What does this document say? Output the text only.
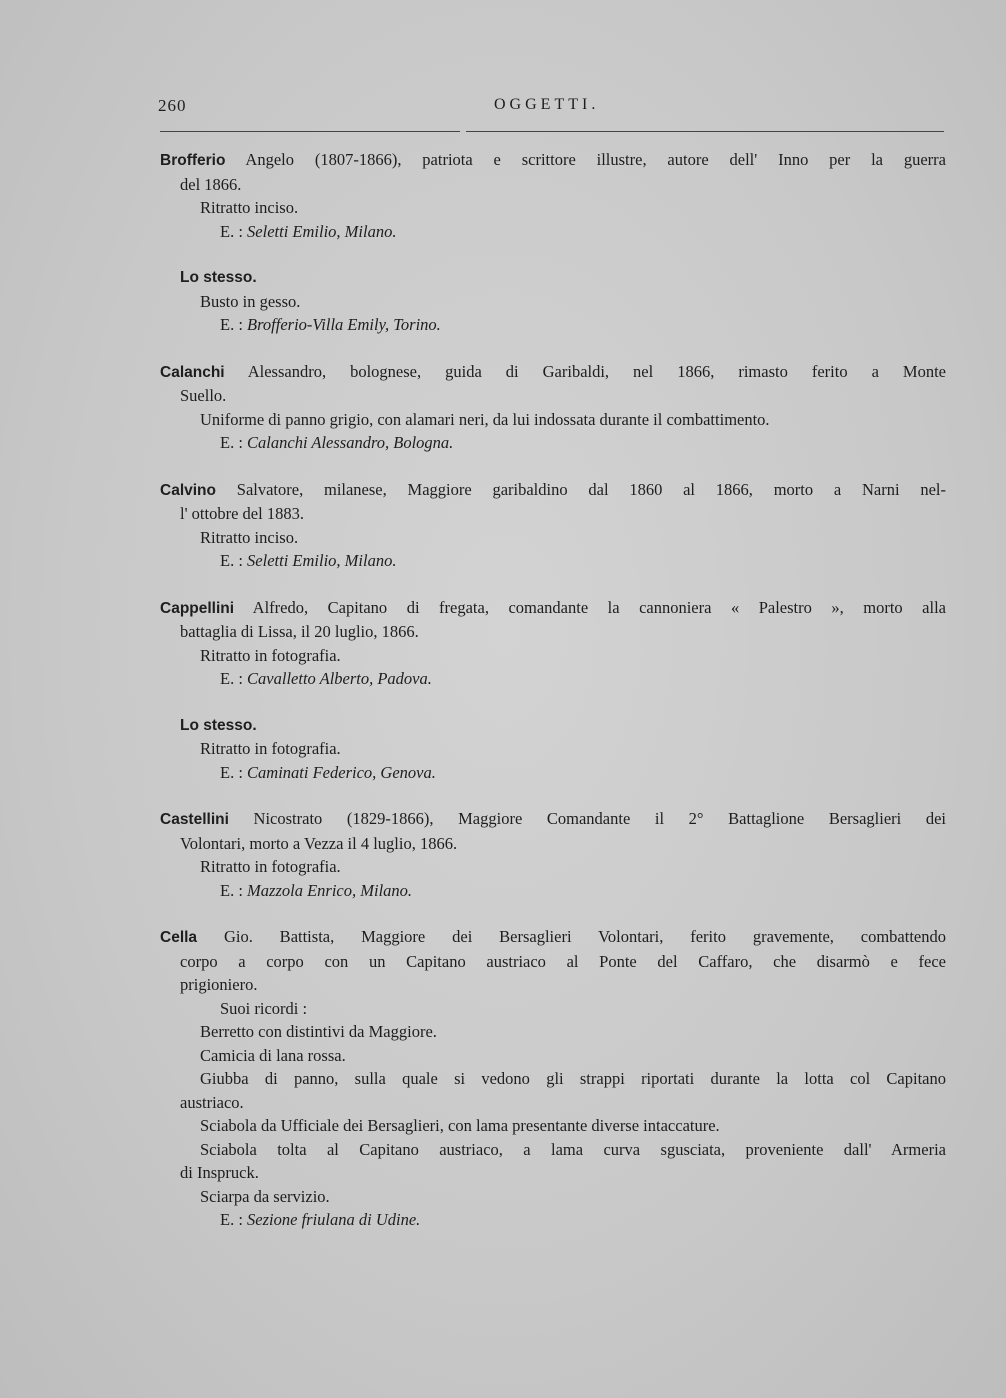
260	OGGETTI.
Brofferio Angelo (1807-1866), patriota e scrittore illustre, autore dell' Inno per la guerra
del 1866.
Ritratto inciso.
E. : Seletti Emilio, Milano.
Lo stesso.
Busto in gesso.
E. : Brofferio-Villa Emily, Torino.
Calanchi Alessandro, bolognese, guida di Garibaldi, nel 1866, rimasto ferito a Monte
Suello.
Uniforme di panno grigio, con alamari neri, da lui indossata durante il combattimento.
E. : Calanchi Alessandro, Bologna.
Calvino Salvatore, milanese, Maggiore garibaldino dal 1860 al 1866, morto a Narni nel-
l' ottobre del 1883.
Ritratto inciso.
E. : Seletti Emilio, Milano.
Cappellini Alfredo, Capitano di fregata, comandante la cannoniera « Palestro », morto alla
battaglia di Lissa, il 20 luglio, 1866.
Ritratto in fotografia.
E. : Cavalletto Alberto, Padova.
Lo stesso.
Ritratto in fotografia.
E. : Caminati Federico, Genova.
Castellini Nicostrato (1829-1866), Maggiore Comandante il 2° Battaglione Bersaglieri dei
Volontari, morto a Vezza il 4 luglio, 1866.
Ritratto in fotografia.
E. : Mazzola Enrico, Milano.
Cella Gio. Battista, Maggiore dei Bersaglieri Volontari, ferito gravemente, combattendo
corpo a corpo con un Capitano austriaco al Ponte del Caffaro, che disarmò e fece
prigioniero.
Suoi ricordi :
Berretto con distintivi da Maggiore.
Camicia di lana rossa.
Giubba di panno, sulla quale si vedono gli strappi riportati durante la lotta col Capitano
austriaco.
Sciabola da Ufficiale dei Bersaglieri, con lama presentante diverse intaccature.
Sciabola tolta al Capitano austriaco, a lama curva sgusciata, proveniente dall' Armeria
di Inspruck.
Sciarpa da servizio.
E. : Sezione friulana di Udine.
